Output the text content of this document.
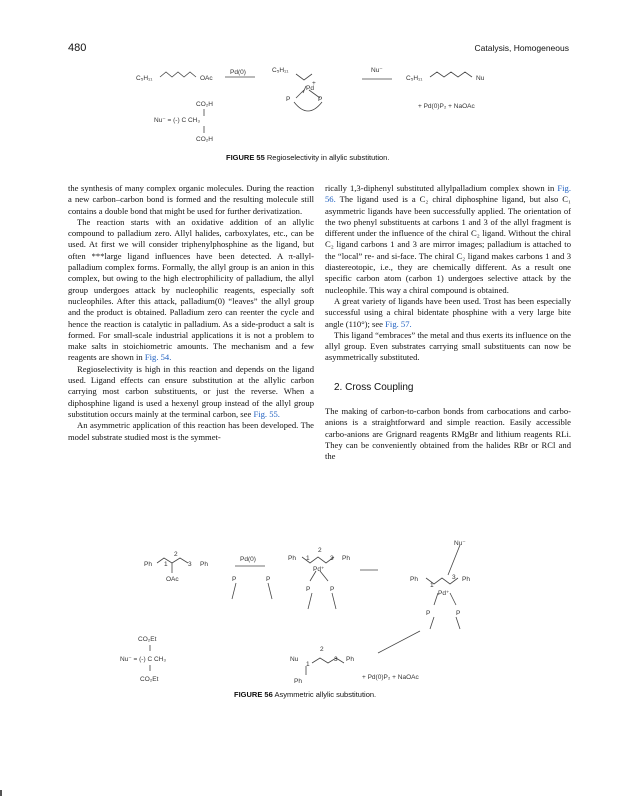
480	Catalysis, Homogeneous
C₅H₁₁	OAc
Pd(0)	C₅H₁₁
Pd
P	P
+
Nu⁻
C₅H₁₁	Nu
+ Pd(0)P₂ + NaOAc
CO₂H
Nu⁻ = (-) C CH₃
CO₂H
FIGURE 55 Regioselectivity in allylic substitution.

the synthesis of many complex organic molecules. During the reaction a new carbon–carbon bond is formed and the resulting molecule still contains a double bond that might be used for further derivatization.

The reaction starts with an oxidative addition of an allylic compound to palladium zero. Allyl halides, carboxylates, etc., can be used. At first we will consider triphenylphosphine as the ligand, but often ***large ligand influences have been detected. A π-allyl-palladium complex forms. Formally, the allyl group is an anion in this complex, but owing to the high electrophilicity of palladium, the allyl group undergoes attack by nucleophilic reagents, especially soft nucleophiles. After this attack, palladium(0) “leaves” the allyl group and the product is obtained. Palladium zero can reenter the cycle and hence the reaction is catalytic in palladium. As a side-product a salt is formed. For small-scale industrial applications it is not a problem to make salts in stoichiometric amounts. The mechanism and a few reagents are shown in Fig. 54.

Regioselectivity is high in this reaction and depends on the ligand used. Ligand effects can ensure substitution at the allylic carbon carrying most carbon substituents, or just the reverse. When a diphosphine ligand is used a hexenyl group instead of the allyl group substitution occurs mainly at the terminal carbon, see Fig. 55.

An asymmetric application of this reaction has been developed. The model substrate studied most is the symmet-

rically 1,3-diphenyl substituted allylpalladium complex shown in Fig. 56. The ligand used is a C₂ chiral diphosphine ligand, but also C₁ asymmetric ligands have been successfully applied. The orientation of the two phenyl substituents at carbons 1 and 3 of the allyl fragment is different under the influence of the chiral C₂ ligand. Without the chiral C₂ ligand carbons 1 and 3 are mirror images; palladium is attached to the “local” re- and si-face. The chiral C₂ ligand makes carbons 1 and 3 diastereotopic, i.e., they are chemically different. As a result one specific carbon atom (carbon 1) undergoes selective attack by the nucleophile. This way a chiral compound is obtained.

A great variety of ligands have been used. Trost has been especially successful using a chiral bidentate phosphine with a very large bite angle (110°); see Fig. 57.

This ligand “embraces” the metal and thus exerts its influence on the allyl group. Even substrates carrying small substituents can now be asymmetrically substituted.

2. Cross Coupling

The making of carbon-to-carbon bonds from carbocations and carbo-anions is a straightforward and simple reaction. Easily accessible carbo-anions are Grignard reagents RMgBr and lithium reagents RLi. They can be conveniently obtained from the halides RBr or RCl and the

Ph 1
2
3 Ph
OAc
Pd(0)
P	P
Ph 1
2
3 Ph
Pd⁺
P	P
Nu⁻
Ph
1
3 Ph
Pd⁺
P	P
CO₂Et
Nu⁻ = (-) C CH₃
CO₂Et
Nu
1
2
3 Ph
Ph
+ Pd(0)P₂ + NaOAc
FIGURE 56 Asymmetric allylic substitution.
